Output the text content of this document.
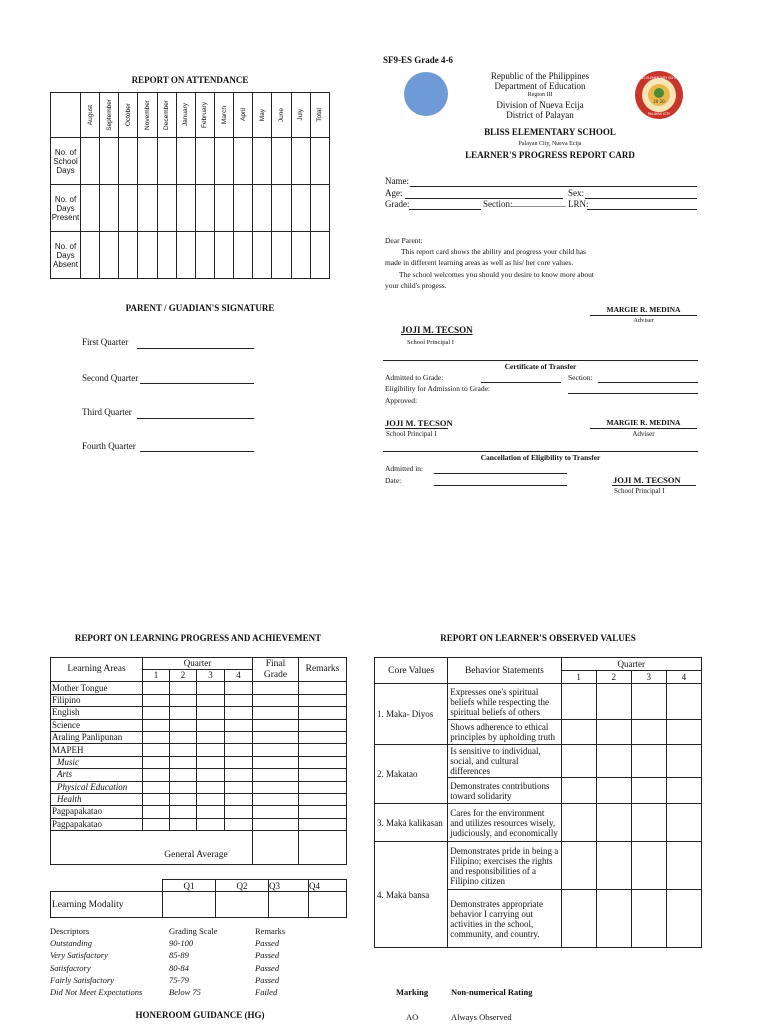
REPORT ON ATTENDANCE

	August	September	October	November	December	January	February	March	April	May	June	July	Total

No. of School Days													
No. of Days Present													
No. of Days Absent													
PARENT / GUADIAN'S SIGNATURE
First Quarter
Second Quarter
Third Quarter
Fourth Quarter
SF9-ES Grade 4-6
Republic of the Philippines
Department of Education
Region III
Division of Nueva Ecija
District of Palayan
20 20
BLISS ELEMENTARY SCHOOL
PALAYAN CITY
BLISS ELEMENTARY SCHOOL
Palayan City, Nueva Ecija
LEARNER'S PROGRESS REPORT CARD
Name:
Age:	Sex:
Grade:	Section: ____________ LRN:
Dear Parent:
This report card shows the ability and progress your child has
made in different learning areas as well as his/ her core values.
The school welcomes you should you desire to know more about
your child's progess.
MARGIE R. MEDINA
Adviser
JOJI M. TECSON
School Principal I
Certificate of Transfer
Admitted to Grade:	Section:
Eligibility for Admission to Grade:
Approved:
JOJI M. TECSON
School Principal I
MARGIE R. MEDINA
Adviser
Cancellation of Eligibility to Transfer
Admitted in:
Date:	JOJI M. TECSON
School Principal I
REPORT ON LEARNING PROGRESS AND ACHIEVEMENT
Learning Areas	Quarter				Final Grade	Remarks
	1	2	3	4		
Mother Tongue						
Filipino						
English						
Science						
Araling Panlipunan						
MAPEH						
Music						
Arts						
Physical Education						
Health						
Pagpapakatao						
Pagpapakatao						
General Average						
	Q1	Q2	Q3	Q4
Learning Modality				
Descriptors	Grading Scale	Remarks
Outstanding	90-100	Passed
Very Satisfactory	85-89	Passed
Satisfactory	80-84	Passed
Fairly Satisfactory	75-79	Passed
Did Not Meet Expectations	Below 75	Failed
HONEROOM GUIDANCE (HG)
REPORT ON LEARNER'S OBSERVED VALUES
Core Values	Behavior Statements	Quarter			
		1	2	3	4
1. Maka- Diyos	Expresses one's spiritual beliefs while respecting the spiritual beliefs of others				
	Shows adherence to ethical principles by upholding truth				
2. Makatao	Is sensitive to individual, social, and cultural differences				
	Demonstrates contributions toward solidarity				
3. Maka kalikasan	Cares for the environment and utilizes resources wisely, judiciously, and economically				
4. Maka bansa	Demonstrates pride in being a Filipino; exercises the rights and responsibilities of a Filipino citizen				
	Demonstrates appropriate behavior I carrying out activities in the school, community, and country.				
Marking	Non-numerical Rating
AO	Always Observed
